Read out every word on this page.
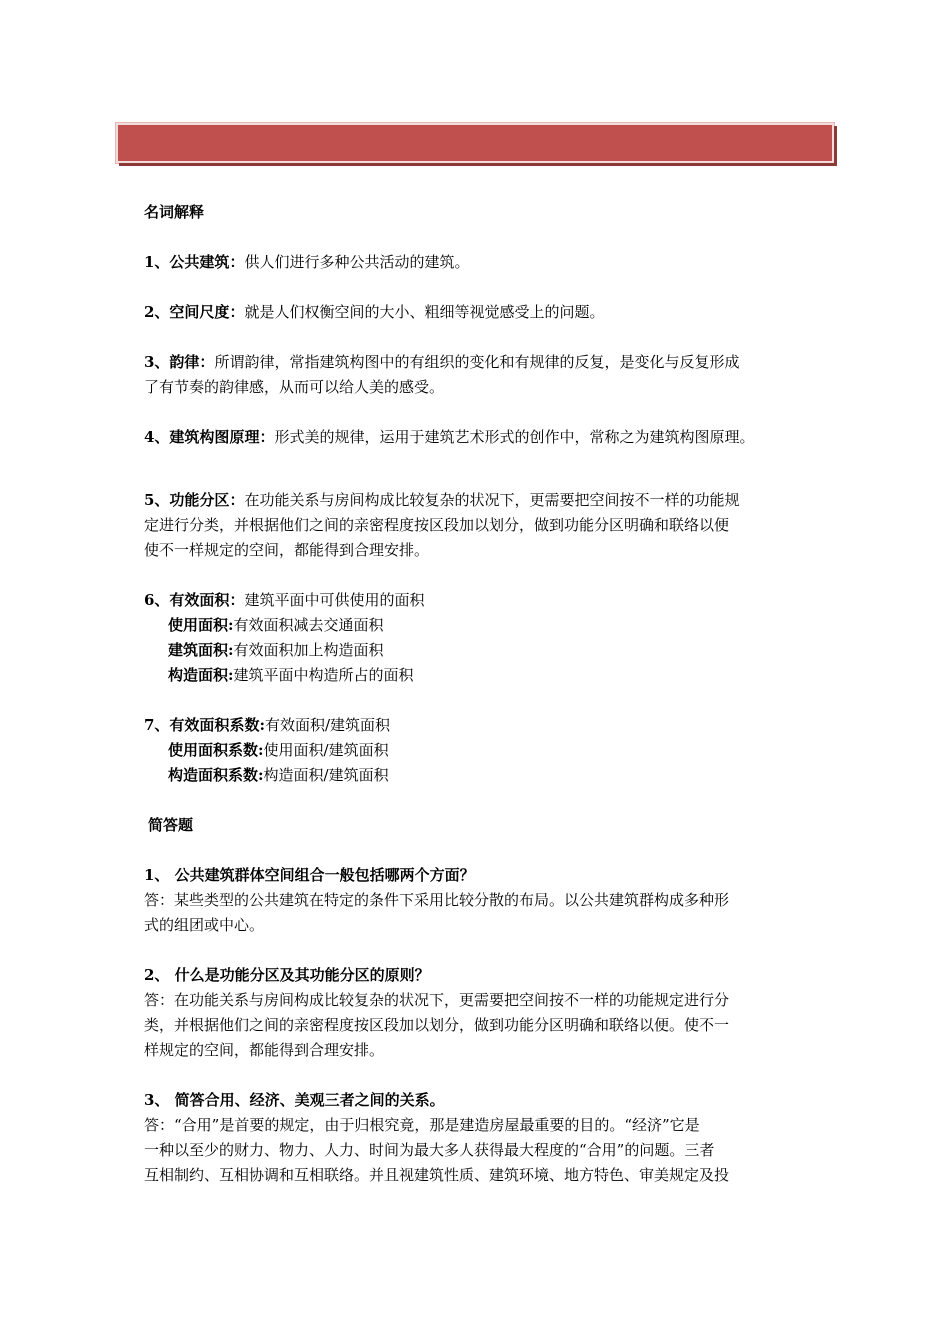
名词解释

1、公共建筑：供人们进行多种公共活动的建筑。

2、空间尺度：就是人们权衡空间的大小、粗细等视觉感受上的问题。

3、韵律：所谓韵律，常指建筑构图中的有组织的变化和有规律的反复，是变化与反复形成

了有节奏的韵律感，从而可以给人美的感受。

4、建筑构图原理：形式美的规律，运用于建筑艺术形式的创作中，常称之为建筑构图原理。

5、功能分区：在功能关系与房间构成比较复杂的状况下，更需要把空间按不一样的功能规

定进行分类，并根据他们之间的亲密程度按区段加以划分，做到功能分区明确和联络以便

使不一样规定的空间，都能得到合理安排。

6、有效面积：建筑平面中可供使用的面积

使用面积:有效面积减去交通面积

建筑面积:有效面积加上构造面积

构造面积:建筑平面中构造所占的面积

7、有效面积系数:有效面积/建筑面积

使用面积系数:使用面积/建筑面积

构造面积系数:构造面积/建筑面积

简答题

1、 公共建筑群体空间组合一般包括哪两个方面？

答：某些类型的公共建筑在特定的条件下采用比较分散的布局。以公共建筑群构成多种形

式的组团或中心。

2、 什么是功能分区及其功能分区的原则？

答：在功能关系与房间构成比较复杂的状况下，更需要把空间按不一样的功能规定进行分

类，并根据他们之间的亲密程度按区段加以划分，做到功能分区明确和联络以便。使不一

样规定的空间，都能得到合理安排。

3、 简答合用、经济、美观三者之间的关系。

答：“合用”是首要的规定，由于归根究竟，那是建造房屋最重要的目的。“经济”它是

一种以至少的财力、物力、人力、时间为最大多人获得最大程度的“合用”的问题。三者

互相制约、互相协调和互相联络。并且视建筑性质、建筑环境、地方特色、审美规定及投
